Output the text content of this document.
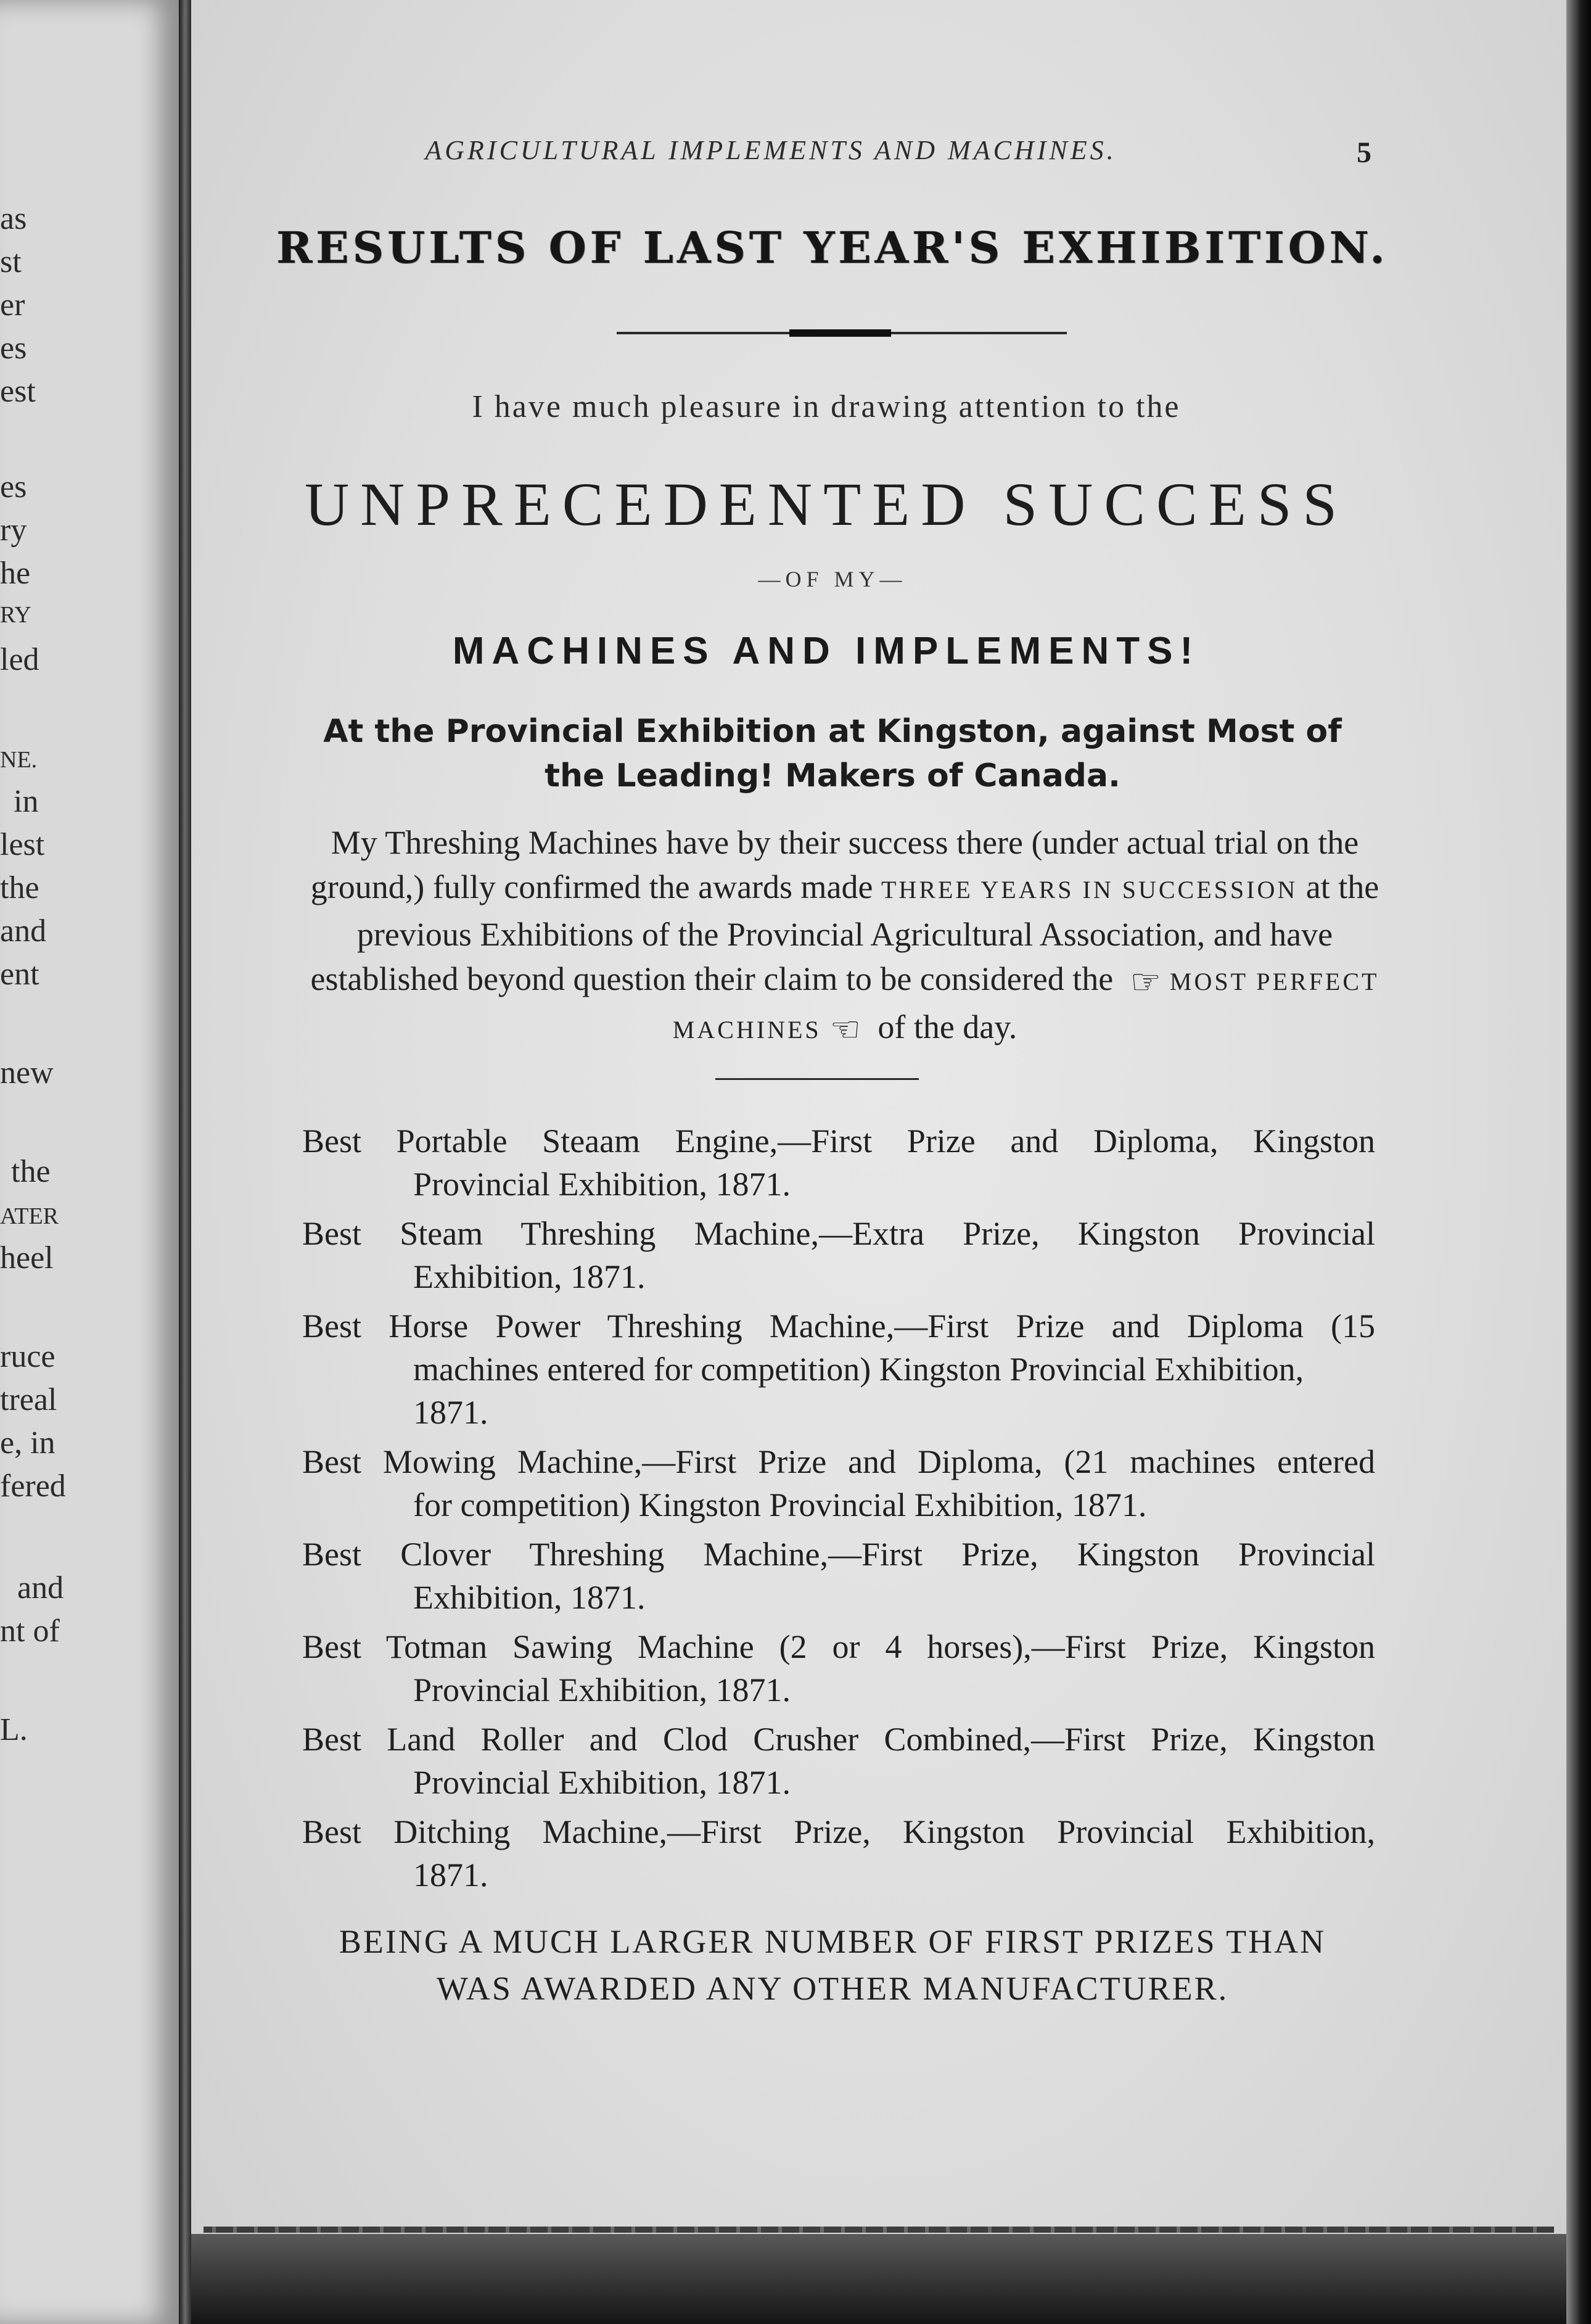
as
st
er
es
est
es
ry
he
RY
led
NE.
in
lest
the
and
ent
new
the
ATER
heel
ruce
treal
e, in
fered
and
nt of
L.
AGRICULTURAL IMPLEMENTS AND MACHINES.	5
RESULTS OF LAST YEAR'S EXHIBITION.
I have much pleasure in drawing attention to the
UNPRECEDENTED SUCCESS
—OF MY—
MACHINES AND IMPLEMENTS!
At the Provincial Exhibition at Kingston, against Most of
the Leading! Makers of Canada.
My Threshing Machines have by their success there (under actual trial on the ground,) fully confirmed the awards made THREE YEARS IN SUCCESSION at the previous Exhibitions of the Provincial Agricultural Association, and have established beyond question their claim to be considered the ☞ MOST PERFECT MACHINES ☜ of the day.
Best Portable Steaam Engine,—First Prize and Diploma, Kingston
Provincial Exhibition, 1871.
Best Steam Threshing Machine,—Extra Prize, Kingston Provincial
Exhibition, 1871.
Best Horse Power Threshing Machine,—First Prize and Diploma (15
machines entered for competition) Kingston Provincial Exhibition,
1871.
Best Mowing Machine,—First Prize and Diploma, (21 machines entered
for competition) Kingston Provincial Exhibition, 1871.
Best Clover Threshing Machine,—First Prize, Kingston Provincial
Exhibition, 1871.
Best Totman Sawing Machine (2 or 4 horses),—First Prize, Kingston
Provincial Exhibition, 1871.
Best Land Roller and Clod Crusher Combined,—First Prize, Kingston
Provincial Exhibition, 1871.
Best Ditching Machine,—First Prize, Kingston Provincial Exhibition,
1871.
BEING A MUCH LARGER NUMBER OF FIRST PRIZES THAN
WAS AWARDED ANY OTHER MANUFACTURER.
